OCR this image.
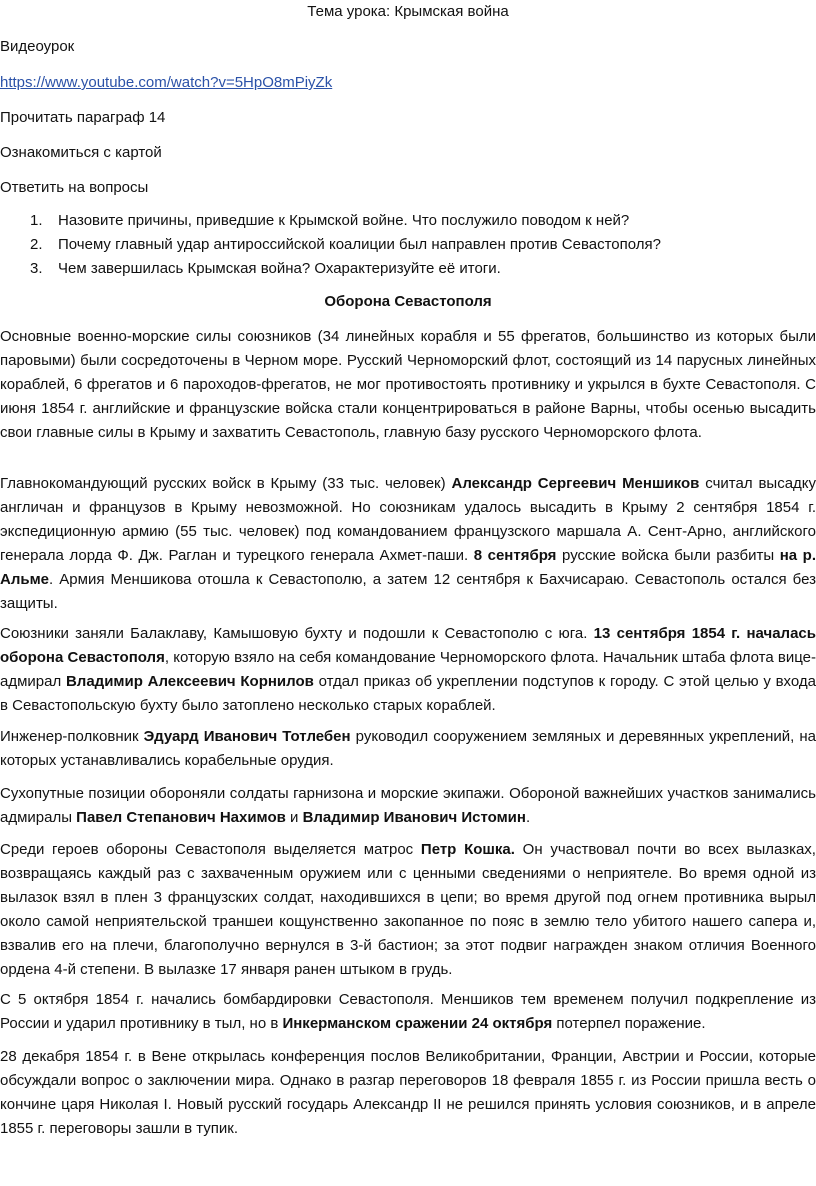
Тема урока: Крымская война
Видеоурок
https://www.youtube.com/watch?v=5HpO8mPiyZk
Прочитать параграф 14
Ознакомиться с картой
Ответить на вопросы
1. Назовите причины, приведшие к Крымской войне. Что послужило поводом к ней?
2. Почему главный удар антироссийской коалиции был направлен против Севастополя?
3. Чем завершилась Крымская война? Охарактеризуйте её итоги.
Оборона Севастополя
Основные военно-морские силы союзников (34 линейных корабля и 55 фрегатов, большинство из которых были паровыми) были сосредоточены в Черном море. Русский Черноморский флот, состоящий из 14 парусных линейных кораблей, 6 фрегатов и 6 пароходов-фрегатов, не мог противостоять противнику и укрылся в бухте Севастополя. С июня 1854 г. английские и французские войска стали концентрироваться в районе Варны, чтобы осенью высадить свои главные силы в Крыму и захватить Севастополь, главную базу русского Черноморского флота.
Главнокомандующий русских войск в Крыму (33 тыс. человек) Александр Сергеевич Меншиков считал высадку англичан и французов в Крыму невозможной. Но союзникам удалось высадить в Крыму 2 сентября 1854 г. экспедиционную армию (55 тыс. человек) под командованием французского маршала А. Сент-Арно, английского генерала лорда Ф. Дж. Раглан и турецкого генерала Ахмет-паши. 8 сентября русские войска были разбиты на р. Альме. Армия Меншикова отошла к Севастополю, а затем 12 сентября к Бахчисараю. Севастополь остался без защиты.
Союзники заняли Балаклаву, Камышовую бухту и подошли к Севастополю с юга. 13 сентября 1854 г. началась оборона Севастополя, которую взяло на себя командование Черноморского флота. Начальник штаба флота вице-адмирал Владимир Алексеевич Корнилов отдал приказ об укреплении подступов к городу. С этой целью у входа в Севастопольскую бухту было затоплено несколько старых кораблей.
Инженер-полковник Эдуард Иванович Тотлебен руководил сооружением земляных и деревянных укреплений, на которых устанавливались корабельные орудия.
Сухопутные позиции обороняли солдаты гарнизона и морские экипажи. Обороной важнейших участков занимались адмиралы Павел Степанович Нахимов и Владимир Иванович Истомин.
Среди героев обороны Севастополя выделяется матрос Петр Кошка. Он участвовал почти во всех вылазках, возвращаясь каждый раз с захваченным оружием или с ценными сведениями о неприятеле. Во время одной из вылазок взял в плен 3 французских солдат, находившихся в цепи; во время другой под огнем противника вырыл около самой неприятельской траншеи кощунственно закопанное по пояс в землю тело убитого нашего сапера и, взвалив его на плечи, благополучно вернулся в 3-й бастион; за этот подвиг награжден знаком отличия Военного ордена 4-й степени. В вылазке 17 января ранен штыком в грудь.
С 5 октября 1854 г. начались бомбардировки Севастополя. Меншиков тем временем получил подкрепление из России и ударил противнику в тыл, но в Инкерманском сражении 24 октября потерпел поражение.
28 декабря 1854 г. в Вене открылась конференция послов Великобритании, Франции, Австрии и России, которые обсуждали вопрос о заключении мира. Однако в разгар переговоров 18 февраля 1855 г. из России пришла весть о кончине царя Николая I. Новый русский государь Александр II не решился принять условия союзников, и в апреле 1855 г. переговоры зашли в тупик.
